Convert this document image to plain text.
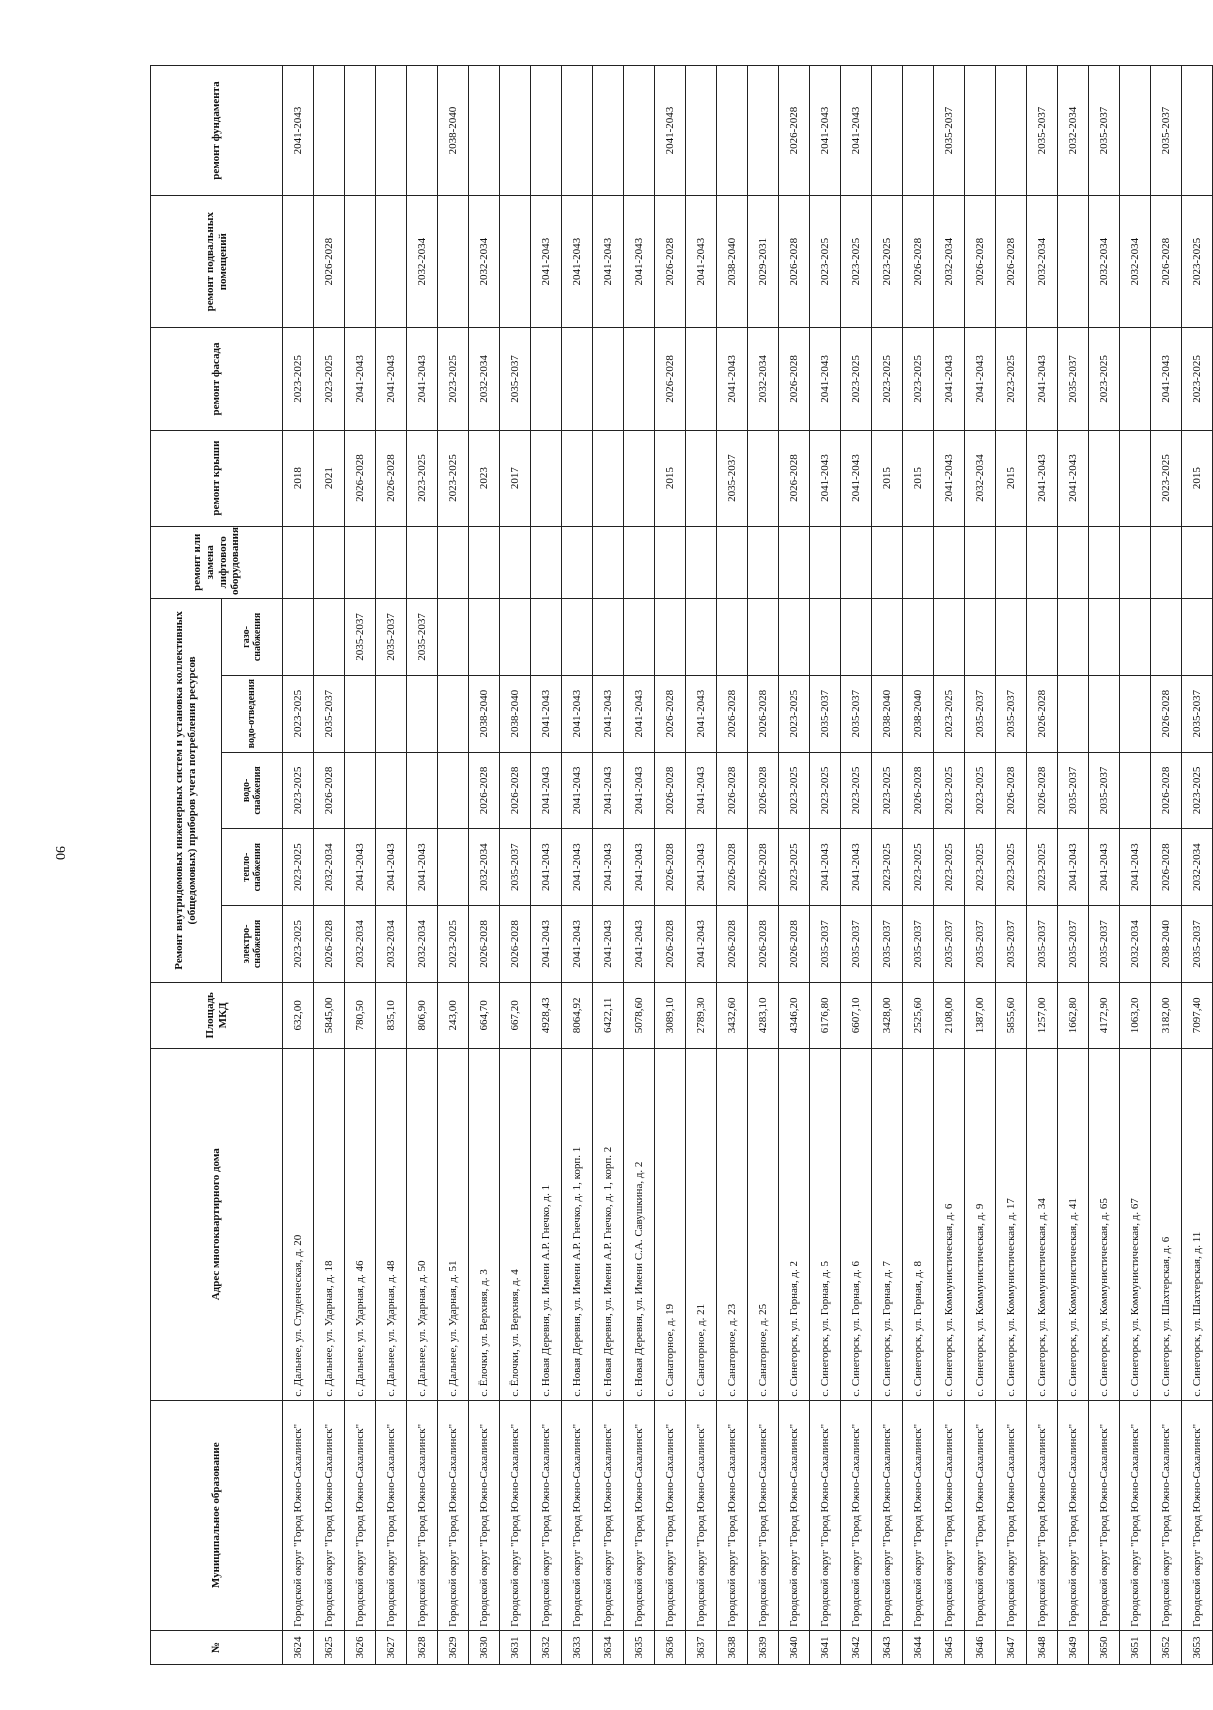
90
№	Муниципальное образование	Адрес многоквартирного дома	Площадь МКД	Ремонт внутридомовых инженерных систем и установка коллективных (общедомовых) приборов учета потребления ресурсов					ремонт или замена лифтового оборудования	ремонт крыши	ремонт фасада	ремонт подвальных помещений	ремонт фундамента
				электро-снабжения	тепло-снабжения	водо-снабжения	водо-отведения	газо-снабжения					
3624	Городской округ "Город Южно-Сахалинск"	с. Дальнее, ул. Студенческая, д. 20	632,00	2023-2025	2023-2025	2023-2025	2023-2025			2018	2023-2025		2041-2043
3625	Городской округ "Город Южно-Сахалинск"	с. Дальнее, ул. Ударная, д. 18	5845,00	2026-2028	2032-2034	2026-2028	2035-2037			2021	2023-2025	2026-2028	
3626	Городской округ "Город Южно-Сахалинск"	с. Дальнее, ул. Ударная, д. 46	780,50	2032-2034	2041-2043			2035-2037		2026-2028	2041-2043		
3627	Городской округ "Город Южно-Сахалинск"	с. Дальнее, ул. Ударная, д. 48	835,10	2032-2034	2041-2043			2035-2037		2026-2028	2041-2043		
3628	Городской округ "Город Южно-Сахалинск"	с. Дальнее, ул. Ударная, д. 50	806,90	2032-2034	2041-2043			2035-2037		2023-2025	2041-2043	2032-2034	
3629	Городской округ "Город Южно-Сахалинск"	с. Дальнее, ул. Ударная, д. 51	243,00	2023-2025						2023-2025	2023-2025		2038-2040
3630	Городской округ "Город Южно-Сахалинск"	с. Ёлочки, ул. Верхняя, д. 3	664,70	2026-2028	2032-2034	2026-2028	2038-2040			2023	2032-2034	2032-2034	
3631	Городской округ "Город Южно-Сахалинск"	с. Ёлочки, ул. Верхняя, д. 4	667,20	2026-2028	2035-2037	2026-2028	2038-2040			2017	2035-2037		
3632	Городской округ "Город Южно-Сахалинск"	с. Новая Деревня, ул. Имени А.Р. Гнечко, д. 1	4928,43	2041-2043	2041-2043	2041-2043	2041-2043					2041-2043	
3633	Городской округ "Город Южно-Сахалинск"	с. Новая Деревня, ул. Имени А.Р. Гнечко, д. 1, корп. 1	8064,92	2041-2043	2041-2043	2041-2043	2041-2043					2041-2043	
3634	Городской округ "Город Южно-Сахалинск"	с. Новая Деревня, ул. Имени А.Р. Гнечко, д. 1, корп. 2	6422,11	2041-2043	2041-2043	2041-2043	2041-2043					2041-2043	
3635	Городской округ "Город Южно-Сахалинск"	с. Новая Деревня, ул. Имени С.А. Савушкина, д. 2	5078,60	2041-2043	2041-2043	2041-2043	2041-2043					2041-2043	
3636	Городской округ "Город Южно-Сахалинск"	с. Санаторное, д. 19	3089,10	2026-2028	2026-2028	2026-2028	2026-2028			2015	2026-2028	2026-2028	2041-2043
3637	Городской округ "Город Южно-Сахалинск"	с. Санаторное, д. 21	2789,30	2041-2043	2041-2043	2041-2043	2041-2043					2041-2043	
3638	Городской округ "Город Южно-Сахалинск"	с. Санаторное, д. 23	3432,60	2026-2028	2026-2028	2026-2028	2026-2028			2035-2037	2041-2043	2038-2040	
3639	Городской округ "Город Южно-Сахалинск"	с. Санаторное, д. 25	4283,10	2026-2028	2026-2028	2026-2028	2026-2028				2032-2034	2029-2031	
3640	Городской округ "Город Южно-Сахалинск"	с. Синегорск, ул. Горная, д. 2	4346,20	2026-2028	2023-2025	2023-2025	2023-2025			2026-2028	2026-2028	2026-2028	2026-2028
3641	Городской округ "Город Южно-Сахалинск"	с. Синегорск, ул. Горная, д. 5	6176,80	2035-2037	2041-2043	2023-2025	2035-2037			2041-2043	2041-2043	2023-2025	2041-2043
3642	Городской округ "Город Южно-Сахалинск"	с. Синегорск, ул. Горная, д. 6	6607,10	2035-2037	2041-2043	2023-2025	2035-2037			2041-2043	2023-2025	2023-2025	2041-2043
3643	Городской округ "Город Южно-Сахалинск"	с. Синегорск, ул. Горная, д. 7	3428,00	2035-2037	2023-2025	2023-2025	2038-2040			2015	2023-2025	2023-2025	
3644	Городской округ "Город Южно-Сахалинск"	с. Синегорск, ул. Горная, д. 8	2525,60	2035-2037	2023-2025	2026-2028	2038-2040			2015	2023-2025	2026-2028	
3645	Городской округ "Город Южно-Сахалинск"	с. Синегорск, ул. Коммунистическая, д. 6	2108,00	2035-2037	2023-2025	2023-2025	2023-2025			2041-2043	2041-2043	2032-2034	2035-2037
3646	Городской округ "Город Южно-Сахалинск"	с. Синегорск, ул. Коммунистическая, д. 9	1387,00	2035-2037	2023-2025	2023-2025	2035-2037			2032-2034	2041-2043	2026-2028	
3647	Городской округ "Город Южно-Сахалинск"	с. Синегорск, ул. Коммунистическая, д. 17	5855,60	2035-2037	2023-2025	2026-2028	2035-2037			2015	2023-2025	2026-2028	
3648	Городской округ "Город Южно-Сахалинск"	с. Синегорск, ул. Коммунистическая, д. 34	1257,00	2035-2037	2023-2025	2026-2028	2026-2028			2041-2043	2041-2043	2032-2034	2035-2037
3649	Городской округ "Город Южно-Сахалинск"	с. Синегорск, ул. Коммунистическая, д. 41	1662,80	2035-2037	2041-2043	2035-2037				2041-2043	2035-2037		2032-2034
3650	Городской округ "Город Южно-Сахалинск"	с. Синегорск, ул. Коммунистическая, д. 65	4172,90	2035-2037	2041-2043	2035-2037					2023-2025	2032-2034	2035-2037
3651	Городской округ "Город Южно-Сахалинск"	с. Синегорск, ул. Коммунистическая, д. 67	1063,20	2032-2034	2041-2043							2032-2034	
3652	Городской округ "Город Южно-Сахалинск"	с. Синегорск, ул. Шахтерская, д. 6	3182,00	2038-2040	2026-2028	2026-2028	2026-2028			2023-2025	2041-2043	2026-2028	2035-2037
3653	Городской округ "Город Южно-Сахалинск"	с. Синегорск, ул. Шахтерская, д. 11	7097,40	2035-2037	2032-2034	2023-2025	2035-2037			2015	2023-2025	2023-2025	
